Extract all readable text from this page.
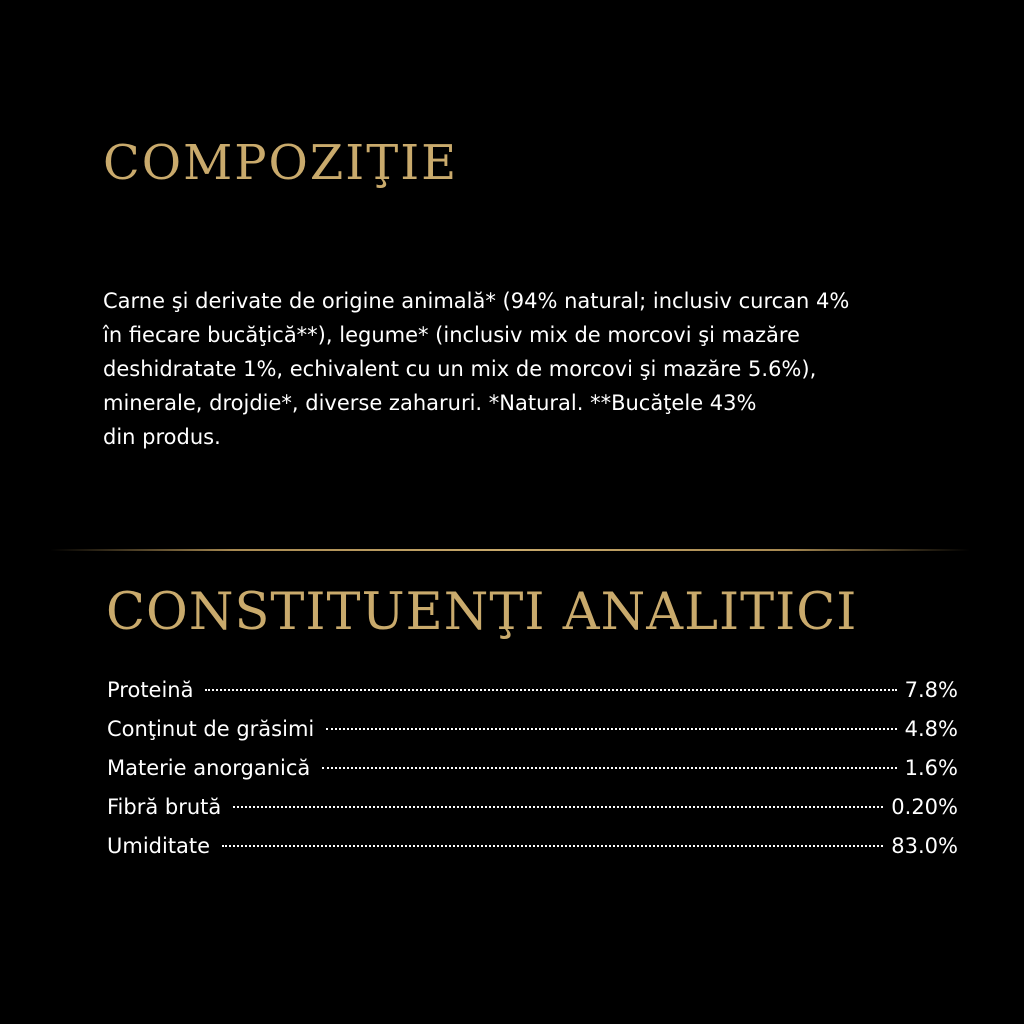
COMPOZIŢIE

Carne şi derivate de origine animală* (94% natural; inclusiv curcan 4%
în fiecare bucăţică**), legume* (inclusiv mix de morcovi şi mazăre
deshidratate 1%, echivalent cu un mix de morcovi şi mazăre 5.6%),
minerale, drojdie*, diverse zaharuri. *Natural. **Bucăţele 43%
din produs.

CONSTITUENŢI ANALITICI
Proteină	7.8%
Conţinut de grăsimi	4.8%
Materie anorganică	1.6%
Fibră brută	0.20%
Umiditate	83.0%
